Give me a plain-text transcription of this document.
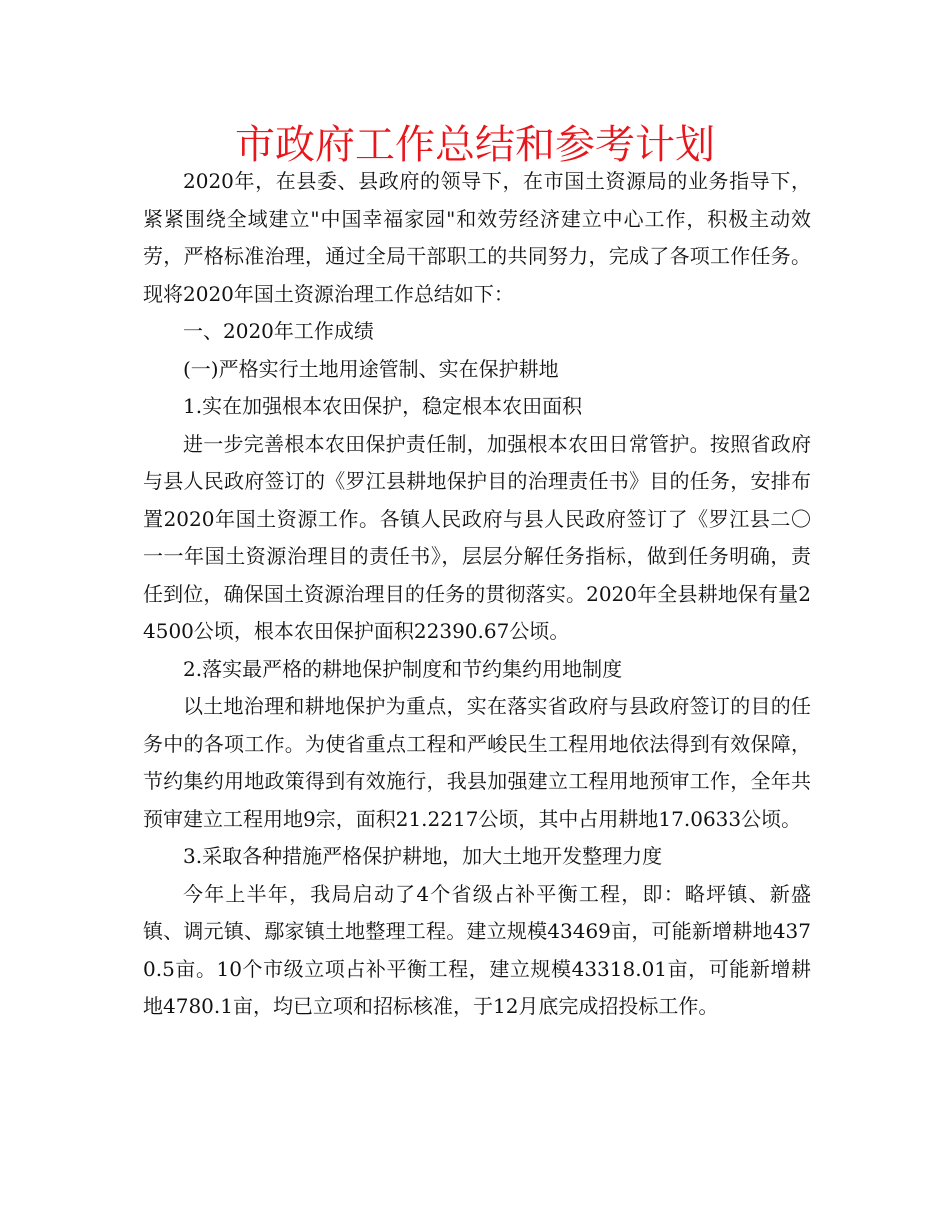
市政府工作总结和参考计划

2020年，在县委、县政府的领导下，在市国土资源局的业务指导下，紧紧围绕全域建立"中国幸福家园"和效劳经济建立中心工作，积极主动效劳，严格标准治理，通过全局干部职工的共同努力，完成了各项工作任务。现将2020年国土资源治理工作总结如下：

一、2020年工作成绩

(一)严格实行土地用途管制、实在保护耕地

1.实在加强根本农田保护，稳定根本农田面积

进一步完善根本农田保护责任制，加强根本农田日常管护。按照省政府与县人民政府签订的《罗江县耕地保护目的治理责任书》目的任务，安排布置2020年国土资源工作。各镇人民政府与县人民政府签订了《罗江县二〇一一年国土资源治理目的责任书》，层层分解任务指标，做到任务明确，责任到位，确保国土资源治理目的任务的贯彻落实。2020年全县耕地保有量24500公顷，根本农田保护面积22390.67公顷。

2.落实最严格的耕地保护制度和节约集约用地制度

以土地治理和耕地保护为重点，实在落实省政府与县政府签订的目的任务中的各项工作。为使省重点工程和严峻民生工程用地依法得到有效保障，节约集约用地政策得到有效施行，我县加强建立工程用地预审工作，全年共预审建立工程用地9宗，面积21.2217公顷，其中占用耕地17.0633公顷。

3.采取各种措施严格保护耕地，加大土地开发整理力度

今年上半年，我局启动了4个省级占补平衡工程，即：略坪镇、新盛镇、调元镇、鄢家镇土地整理工程。建立规模43469亩，可能新增耕地4370.5亩。10个市级立项占补平衡工程，建立规模43318.01亩，可能新增耕地4780.1亩，均已立项和招标核准，于12月底完成招投标工作。
